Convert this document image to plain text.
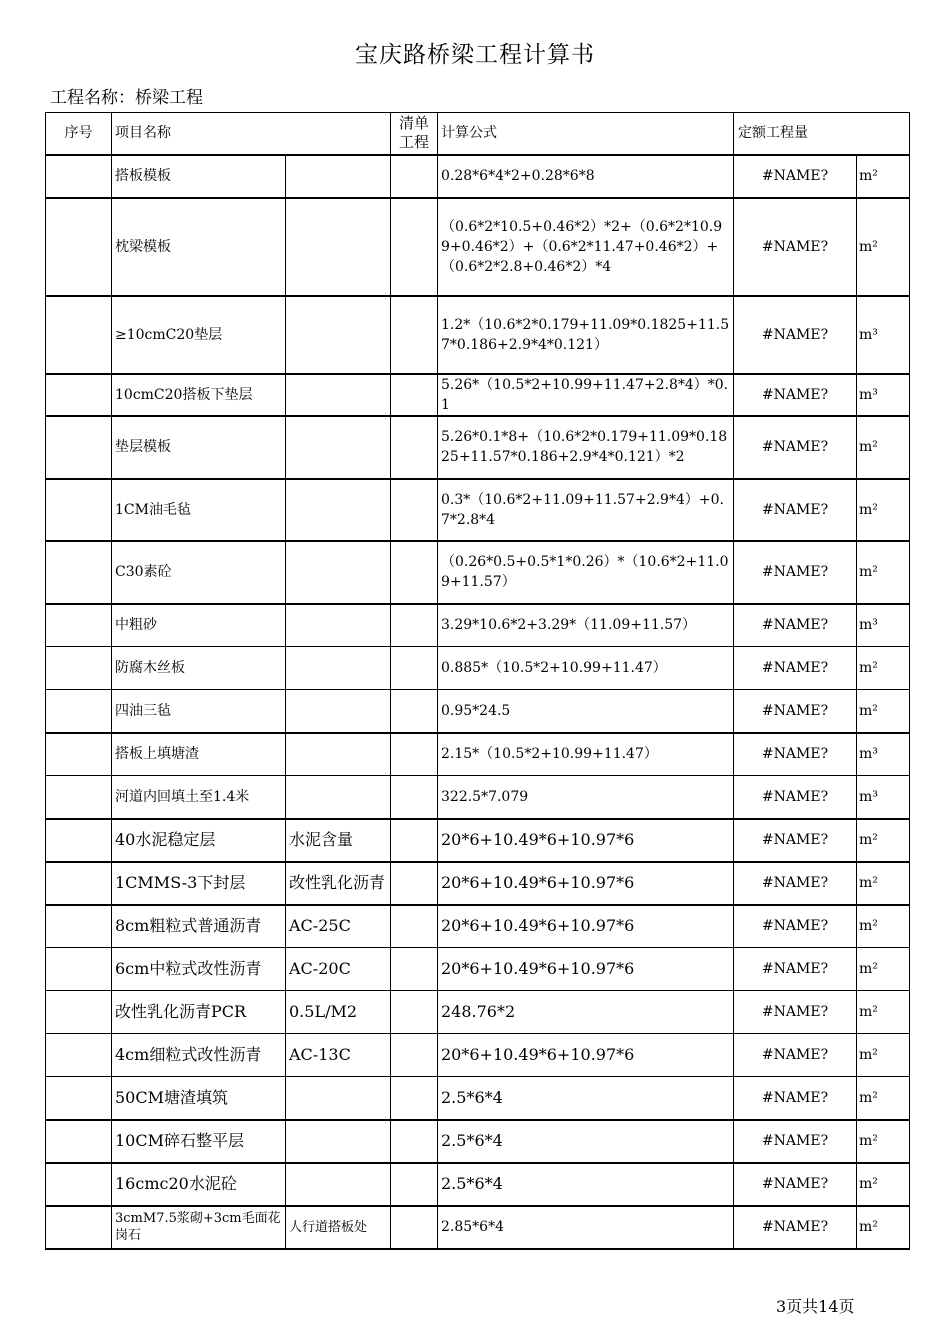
宝庆路桥梁工程计算书
工程名称：桥梁工程
序号	项目名称		清单工程	计算公式	定额工程量	
	搭板模板			0.28*6*4*2+0.28*6*8	#NAME?	m²
	枕梁模板			（0.6*2*10.5+0.46*2）*2+（0.6*2*10.99+0.46*2）+（0.6*2*11.47+0.46*2）+（0.6*2*2.8+0.46*2）*4	#NAME?	m²
	≥10cmC20垫层			1.2*（10.6*2*0.179+11.09*0.1825+11.57*0.186+2.9*4*0.121）	#NAME?	m³
	10cmC20搭板下垫层			5.26*（10.5*2+10.99+11.47+2.8*4）*0.1	#NAME?	m³
	垫层模板			5.26*0.1*8+（10.6*2*0.179+11.09*0.1825+11.57*0.186+2.9*4*0.121）*2	#NAME?	m²
	1CM油毛毡			0.3*（10.6*2+11.09+11.57+2.9*4）+0.7*2.8*4	#NAME?	m²
	C30素砼			（0.26*0.5+0.5*1*0.26）*（10.6*2+11.09+11.57）	#NAME?	m²
	中粗砂			3.29*10.6*2+3.29*（11.09+11.57）	#NAME?	m³
	防腐木丝板			0.885*（10.5*2+10.99+11.47）	#NAME?	m²
	四油三毡			0.95*24.5	#NAME?	m²
	搭板上填塘渣			2.15*（10.5*2+10.99+11.47）	#NAME?	m³
	河道内回填土至1.4米			322.5*7.079	#NAME?	m³
	40水泥稳定层	水泥含量		20*6+10.49*6+10.97*6	#NAME?	m²
	1CMMS-3下封层	改性乳化沥青		20*6+10.49*6+10.97*6	#NAME?	m²
	8cm粗粒式普通沥青	AC-25C		20*6+10.49*6+10.97*6	#NAME?	m²
	6cm中粒式改性沥青	AC-20C		20*6+10.49*6+10.97*6	#NAME?	m²
	改性乳化沥青PCR	0.5L/M2		248.76*2	#NAME?	m²
	4cm细粒式改性沥青	AC-13C		20*6+10.49*6+10.97*6	#NAME?	m²
	50CM塘渣填筑			2.5*6*4	#NAME?	m²
	10CM碎石整平层			2.5*6*4	#NAME?	m²
	16cmc20水泥砼			2.5*6*4	#NAME?	m²
	3cmM7.5浆砌+3cm毛面花岗石	人行道搭板处		2.85*6*4	#NAME?	m²
3页共14页
